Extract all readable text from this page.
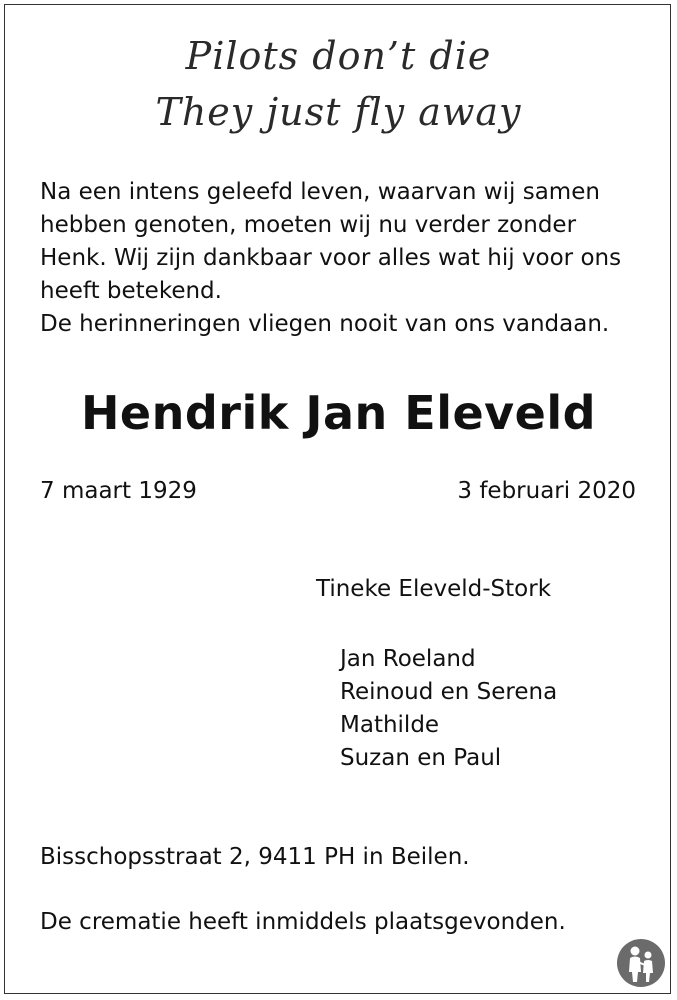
Pilots don’t die
They just fly away
Na een intens geleefd leven, waarvan wij samen
hebben genoten, moeten wij nu verder zonder
Henk. Wij zijn dankbaar voor alles wat hij voor ons
heeft betekend.
De herinneringen vliegen nooit van ons vandaan.
Hendrik Jan Eleveld
7 maart 1929	3 februari 2020
Tineke Eleveld-Stork
Jan Roeland
Reinoud en Serena
Mathilde
Suzan en Paul
Bisschopsstraat 2, 9411 PH in Beilen.
De crematie heeft inmiddels plaatsgevonden.
